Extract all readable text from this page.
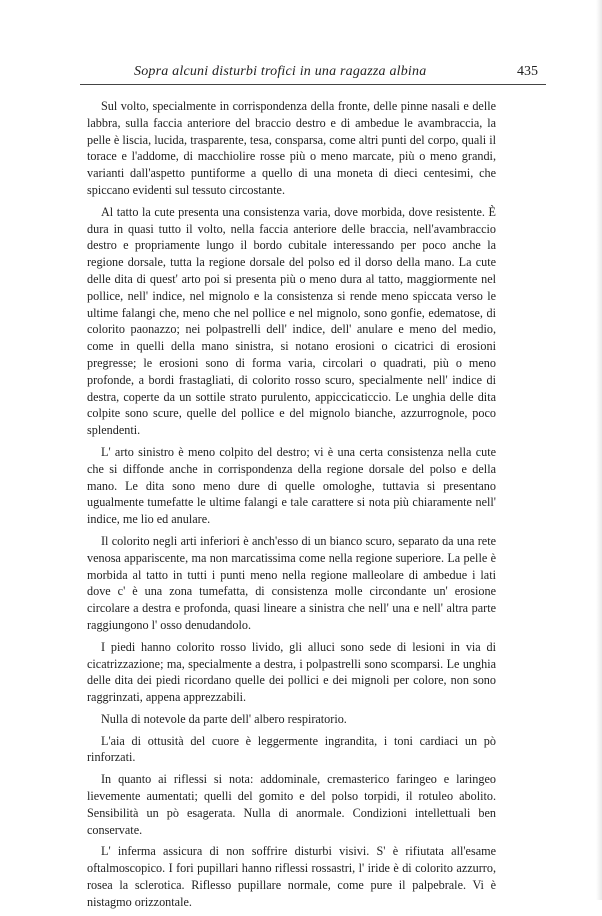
Sopra alcuni disturbi trofici in una ragazza albina	435

Sul volto, specialmente in corrispondenza della fronte, delle pinne nasali e delle labbra, sulla faccia anteriore del braccio destro e di ambedue le avambraccia, la pelle è liscia, lucida, trasparente, tesa, consparsa, come altri punti del corpo, quali il torace e l'addome, di macchiolire rosse più o meno marcate, più o meno grandi, varianti dall'aspetto puntiforme a quello di una moneta di dieci centesimi, che spiccano evidenti sul tessuto circostante.

Al tatto la cute presenta una consistenza varia, dove morbida, dove resistente. È dura in quasi tutto il volto, nella faccia anteriore delle braccia, nell'avambraccio destro e propriamente lungo il bordo cubitale interessando per poco anche la regione dorsale, tutta la regione dorsale del polso ed il dorso della mano. La cute delle dita di quest' arto poi si presenta più o meno dura al tatto, maggiormente nel pollice, nell' indice, nel mignolo e la consistenza si rende meno spiccata verso le ultime falangi che, meno che nel pollice e nel mignolo, sono gonfie, edematose, di colorito paonazzo; nei polpastrelli dell' indice, dell' anulare e meno del medio, come in quelli della mano sinistra, si notano erosioni o cicatrici di erosioni pregresse; le erosioni sono di forma varia, circolari o quadrati, più o meno profonde, a bordi frastagliati, di colorito rosso scuro, specialmente nell' indice di destra, coperte da un sottile strato purulento, appiccicaticcio. Le unghia delle dita colpite sono scure, quelle del pollice e del mignolo bianche, azzurrognole, poco splendenti.

L' arto sinistro è meno colpito del destro; vi è una certa consistenza nella cute che si diffonde anche in corrispondenza della regione dorsale del polso e della mano. Le dita sono meno dure di quelle omologhe, tuttavia si presentano ugualmente tumefatte le ultime falangi e tale carattere si nota più chiaramente nell' indice, me lio ed anulare.

Il colorito negli arti inferiori è anch'esso di un bianco scuro, separato da una rete venosa appariscente, ma non marcatissima come nella regione superiore. La pelle è morbida al tatto in tutti i punti meno nella regione malleolare di ambedue i lati dove c' è una zona tumefatta, di consistenza molle circondante un' erosione circolare a destra e profonda, quasi lineare a sinistra che nell' una e nell' altra parte raggiungono l' osso denudandolo.

I piedi hanno colorito rosso livido, gli alluci sono sede di lesioni in via di cicatrizzazione; ma, specialmente a destra, i polpastrelli sono scomparsi. Le unghia delle dita dei piedi ricordano quelle dei pollici e dei mignoli per colore, non sono raggrinzati, appena apprezzabili.

Nulla di notevole da parte dell' albero respiratorio.

L'aia di ottusità del cuore è leggermente ingrandita, i toni cardiaci un pò rinforzati.

In quanto ai riflessi si nota: addominale, cremasterico faringeo e laringeo lievemente aumentati; quelli del gomito e del polso torpidi, il rotuleo abolito. Sensibilità un pò esagerata. Nulla di anormale. Condizioni intellettuali ben conservate.

L' inferma assicura di non soffrire disturbi visivi. S' è rifiutata all'esame oftalmoscopico. I fori pupillari hanno riflessi rossastri, l' iride è di colorito azzurro, rosea la sclerotica. Riflesso pupillare normale, come pure il palpebrale. Vi è nistagmo orizzontale.
